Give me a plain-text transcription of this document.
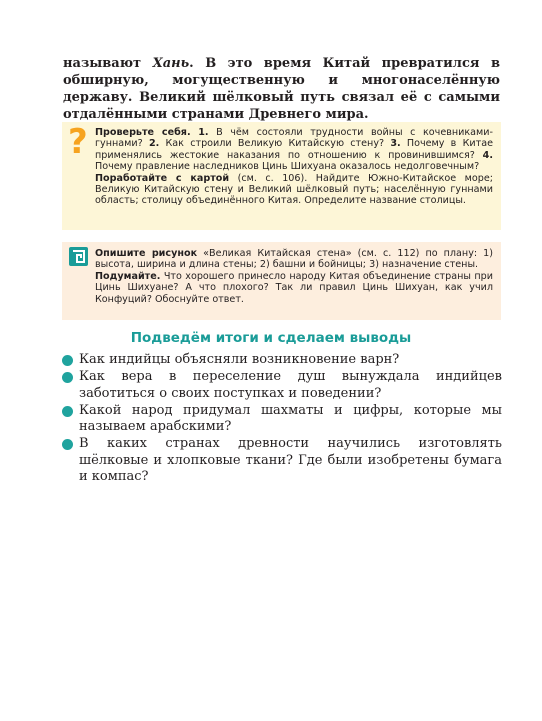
называют Хань. В это время Китай превратился в обширную, могущественную и многонаселённую державу. Великий шёлковый путь связал её с самыми отдалёнными странами Древнего мира.

? Проверьте себя. 1. В чём состояли трудности войны с кочевниками-гуннами? 2. Как строили Великую Китайскую стену? 3. Почему в Китае применялись жестокие наказания по отношению к провинившимся? 4. Почему правление наследников Цинь Шихуана оказалось недолговечным?

Поработайте с картой (см. с. 106). Найдите Южно-Китайское море; Великую Китайскую стену и Великий шёлковый путь; населённую гуннами область; столицу объединённого Китая. Определите название столицы.

Опишите рисунок «Великая Китайская стена» (см. с. 112) по плану: 1) высота, ширина и длина стены; 2) башни и бойницы; 3) назначение стены.

Подумайте. Что хорошего принесло народу Китая объединение страны при Цинь Шихуане? А что плохого? Так ли правил Цинь Шихуан, как учил Конфуций? Обоснуйте ответ.

Подведём итоги и сделаем выводы
Как индийцы объясняли возникновение варн?
Как вера в переселение душ вынуждала индийцев заботиться о своих поступках и поведении?
Какой народ придумал шахматы и цифры, которые мы называем арабскими?
В каких странах древности научились изготовлять шёлковые и хлопковые ткани? Где были изобретены бумага и компас?
